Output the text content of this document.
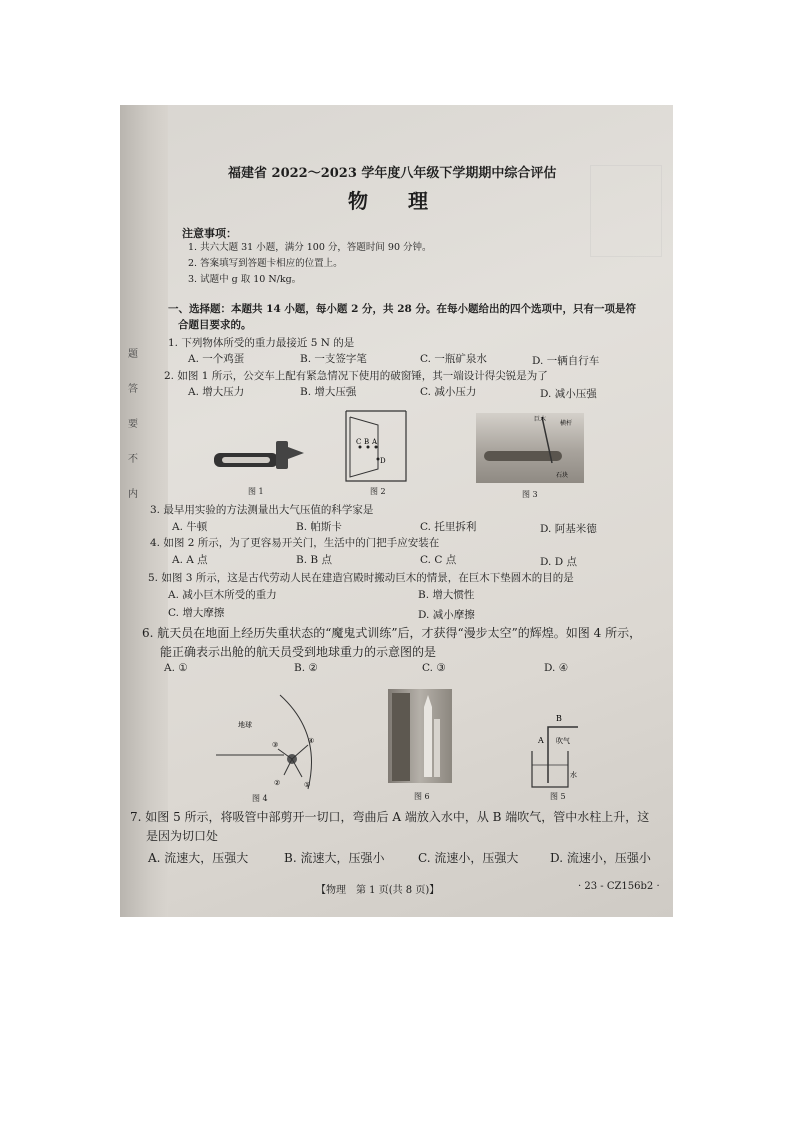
题
答
要
不
内
福建省 2022～2023 学年度八年级下学期期中综合评估
物理
注意事项：
1. 共六大题 31 小题，满分 100 分，答题时间 90 分钟。
2. 答案填写到答题卡相应的位置上。
3. 试题中 g 取 10 N/kg。
一、选择题：本题共 14 小题，每小题 2 分，共 28 分。在每小题给出的四个选项中，只有一项是符
合题目要求的。
1. 下列物体所受的重力最接近 5 N 的是
A. 一个鸡蛋	B. 一支签字笔	C. 一瓶矿泉水	D. 一辆自行车
2. 如图 1 所示，公交车上配有紧急情况下使用的破窗锤，其一端设计得尖锐是为了
A. 增大压力	B. 增大压强	C. 减小压力	D. 减小压强
图 1
C B A
D
图 2
横杆
巨木
石块
图 3
3. 最早用实验的方法测量出大气压值的科学家是
A. 牛顿	B. 帕斯卡	C. 托里拆利	D. 阿基米德
4. 如图 2 所示，为了更容易开关门，生活中的门把手应安装在
A. A 点	B. B 点	C. C 点	D. D 点
5. 如图 3 所示，这是古代劳动人民在建造宫殿时搬动巨木的情景，在巨木下垫圆木的目的是
A. 减小巨木所受的重力	B. 增大惯性
C. 增大摩擦	D. 减小摩擦
6. 航天员在地面上经历失重状态的“魔鬼式训练”后，才获得“漫步太空”的辉煌。如图 4 所示，
能正确表示出舱的航天员受到地球重力的示意图的是
A. ①	B. ②	C. ③	D. ④
地球
①
②
③	④
图 4	图 6
B
A 吹气
水
图 5
7. 如图 5 所示，将吸管中部剪开一切口，弯曲后 A 端放入水中，从 B 端吹气，管中水柱上升，这
是因为切口处
A. 流速大，压强大	B. 流速大，压强小	C. 流速小，压强大	D. 流速小，压强小
【物理　第 1 页(共 8 页)】	· 23 - CZ156b2 ·
